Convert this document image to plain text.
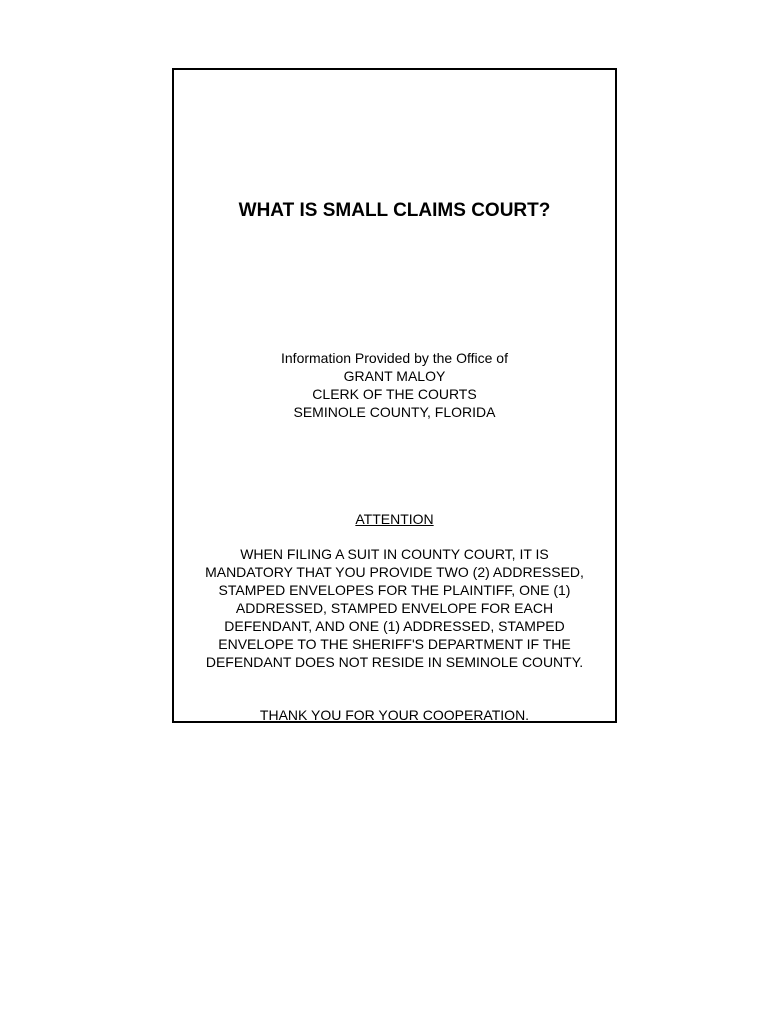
WHAT IS SMALL CLAIMS COURT?
Information Provided by the Office of
GRANT MALOY
CLERK OF THE COURTS
SEMINOLE COUNTY, FLORIDA
ATTENTION
WHEN FILING A SUIT IN COUNTY COURT, IT IS
MANDATORY THAT YOU PROVIDE TWO (2) ADDRESSED,
STAMPED ENVELOPES FOR THE PLAINTIFF, ONE (1)
ADDRESSED, STAMPED ENVELOPE FOR EACH
DEFENDANT, AND ONE (1) ADDRESSED, STAMPED
ENVELOPE TO THE SHERIFF'S DEPARTMENT IF THE
DEFENDANT DOES NOT RESIDE IN SEMINOLE COUNTY.
THANK YOU FOR YOUR COOPERATION.
